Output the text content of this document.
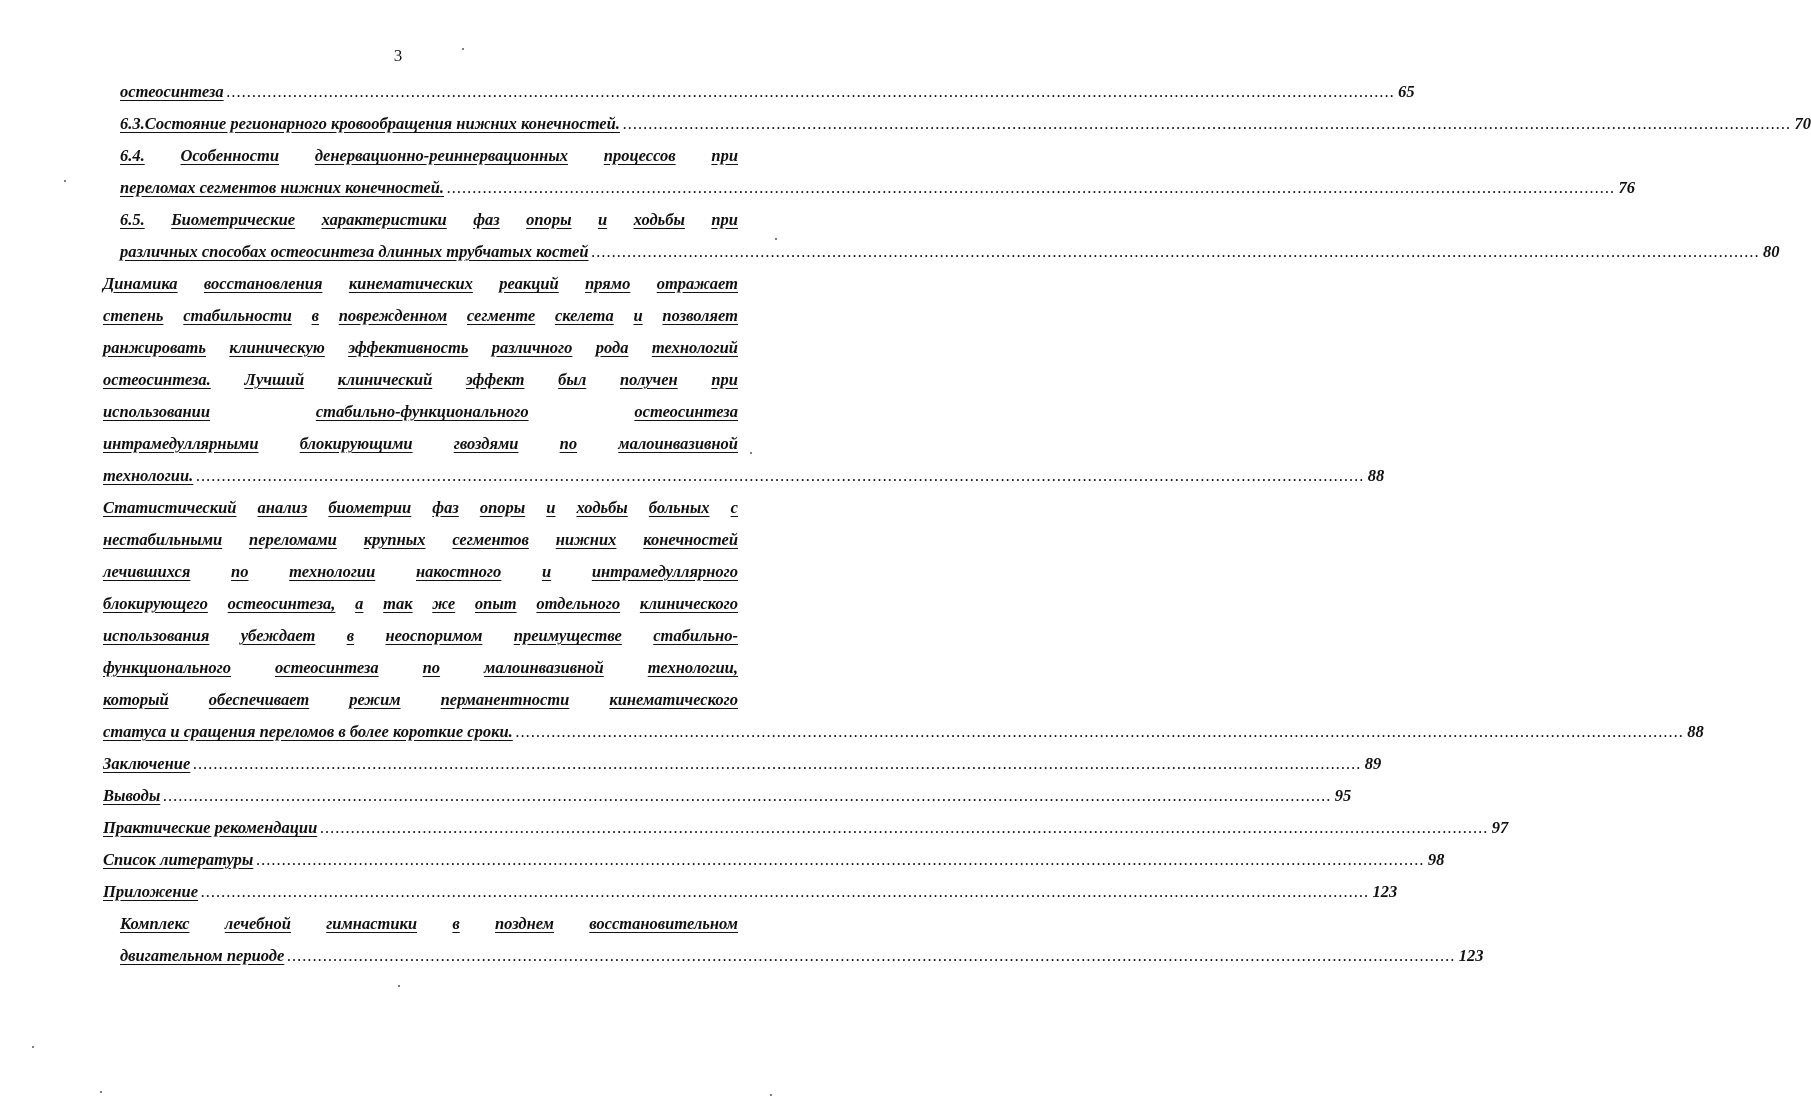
3
остеосинтеза .................................................................................................................................................................................................................................... 65
6.3.Состояние регионарного кровообращения нижних конечностей. .................................................................................................................................................................................................................................... 70
6.4. Особенности денервационно-реиннервационных процессов при
переломах сегментов нижних конечностей. .................................................................................................................................................................................................................................... 76
6.5. Биометрические характеристики фаз опоры и ходьбы при
различных способах остеосинтеза длинных трубчатых костей .................................................................................................................................................................................................................................... 80
Динамика восстановления кинематических реакций прямо отражает
степень стабильности в поврежденном сегменте скелета и позволяет
ранжировать клиническую эффективность различного рода технологий
остеосинтеза. Лучший клинический эффект был получен при
использовании	стабильно-функционального	остеосинтеза
интрамедуллярными блокирующими гвоздями по малоинвазивной
технологии. .................................................................................................................................................................................................................................... 88
Статистический анализ биометрии фаз опоры и ходьбы больных с
нестабильными переломами крупных сегментов нижних конечностей
лечившихся по технологии накостного и интрамедуллярного
блокирующего остеосинтеза, а так же опыт отдельного клинического
использования убеждает в неоспоримом преимуществе стабильно-
функционального	остеосинтеза	по	малоинвазивной	технологии,
который обеспечивает режим перманентности кинематического
статуса и сращения переломов в более короткие сроки. .................................................................................................................................................................................................................................... 88
Заключение .................................................................................................................................................................................................................................... 89
Выводы .................................................................................................................................................................................................................................... 95
Практические рекомендации .................................................................................................................................................................................................................................... 97
Список литературы .................................................................................................................................................................................................................................... 98
Приложение .................................................................................................................................................................................................................................... 123
Комплекс лечебной гимнастики в позднем восстановительном
двигательном периоде .................................................................................................................................................................................................................................... 123
